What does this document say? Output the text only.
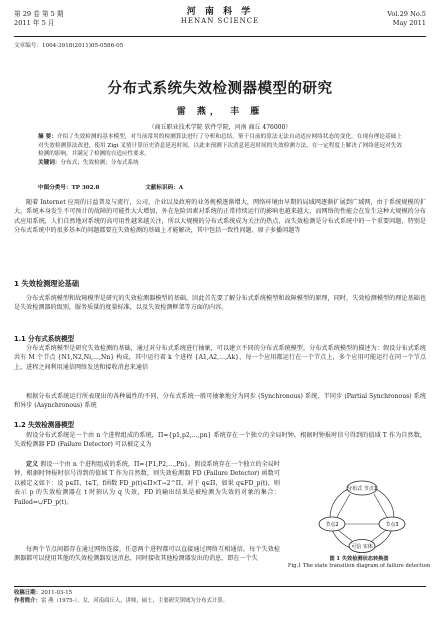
第 29 卷 第 5 期
2011 年 5 月
河 南 科 学
HENAN SCIENCE
Vol.29 No.5
May 2011
文章编号：1004-3918(2011)05-0586-05
分布式系统失效检测器模型的研究
雷 燕， 丰 雁
（商丘职业技术学院 软件学院，河南 商丘 476000）
摘 要：介绍了失效检测的基本模型，对当前常用的检测算法进行了分析和总结。鉴于目前的算法无法自动适应网络状态的变化，在现有理论基础上对失效检测算法改进，使用 Zigi 叉情计算历史消息延迟时间，以此来预测下次消息延迟时间的失效检测方法，在一定程度上解决了网络延迟对失效检测的影响，并满足了检测的自适应性要求。
关键词：分布式；失效检测；分布式系统
中图分类号：TP 302.8	文献标识码：A
随着 Internet 应用的日益普及与流行，公司、企业以及政府的业务规模逐渐增大，网络环境由早期的局域网逐渐扩展到广域网，由于系统规模的扩大，系统本身发生不可预计的故障的可能性大大增加，外在危险因素对系统的正常持续运行的影响也越来越大，而网络的性能会在发生这种大规模的分布式应用系统，人们自然地对系统的高可用性越来越关注，所以大规模的分布式系统成为关注的热点，而失效检测是分布式系统中的一个重要问题，特别是分布式系统中的很多基本的问题都要在失效检测的基础上才能解决，其中包括一致性问题、原子多播问题等
1 失效检测理论基础
分布式系统模型和故障模型是研究的失效检测器模型的基础，因此首先要了解分布式系统模型和故障模型的原理，同时，失效检测模型的理论基础也是失效检测器的级别，服务质量的度量标准，以及失效检测框架等方面的内容。
1.1 分布式系统模型
分布式系统模型是研究失效检测的基础，通过对分布式系统进行抽象，可以建立不同的分布式系统模型，分布式系统模型的描述为：假设分布式系统共有 M 个节点 {N1,N2,Ni,…,Nn} 构成，其中运行着 k 个进程 {A1,A2,…,Ak}，每一个应用都运行在一个节点上，多个应用可能运行在同一个节点上，进程之间利用通信网络发送和接收消息来通信
根据分布式系统运行所表现出的各种属性的不同，分布式系统一般可抽象地分为同步 (Synchronous) 系统、半同步 (Partial Synchronous) 系统和异步 (Asynchronous) 系统
1.2 失效检测器模型
假设分布式系统是一个由 n 个进程组成的系统，Π={p1,p2,…,pn} 系统存在一个独立的全局时钟，根据时钟报时信号得到的值域 T 作为自然数，失效检测器 FD (Failure Detector) 可以被定义为
定义 假设一个由 n 个进程组成的系统，Π={P1,P2,…,Pn}。假设系统存在一个独立的全局时钟，根据时钟报时信号得到的值域 T 作为自然数，则失效检测器 FD (Failure Detector) 函数可以被定义如下：设 p∈Π，t∈T，f函数 FD_p(t)∈Π×T→2^Π，对于 q∈Π，如果 q∈FD_p(t)，则表示 p 的失效检测器在 t 时刻认为 q 失效，FD 的输出结果是被检测为失效的对象的集合：Failed=∪FD_p(t)。
每两个节点间都存在通过网络连接，任意两个进程都可以直接通过网络互相通信，每个失效检测器都可以使用其他的失效检测器发送消息，同时接收其他检测器发出的消息，即在一个失
分布式 节点1
节点2	节点3
可信 实体
图 1 失效检测状态转换图
Fig.1 The state transition diagram of failure detection
收稿日期：2011-03-15
作者简介：雷 燕（1975-），女，河南商丘人，讲师，硕士，主要研究领域为分布式计算。
